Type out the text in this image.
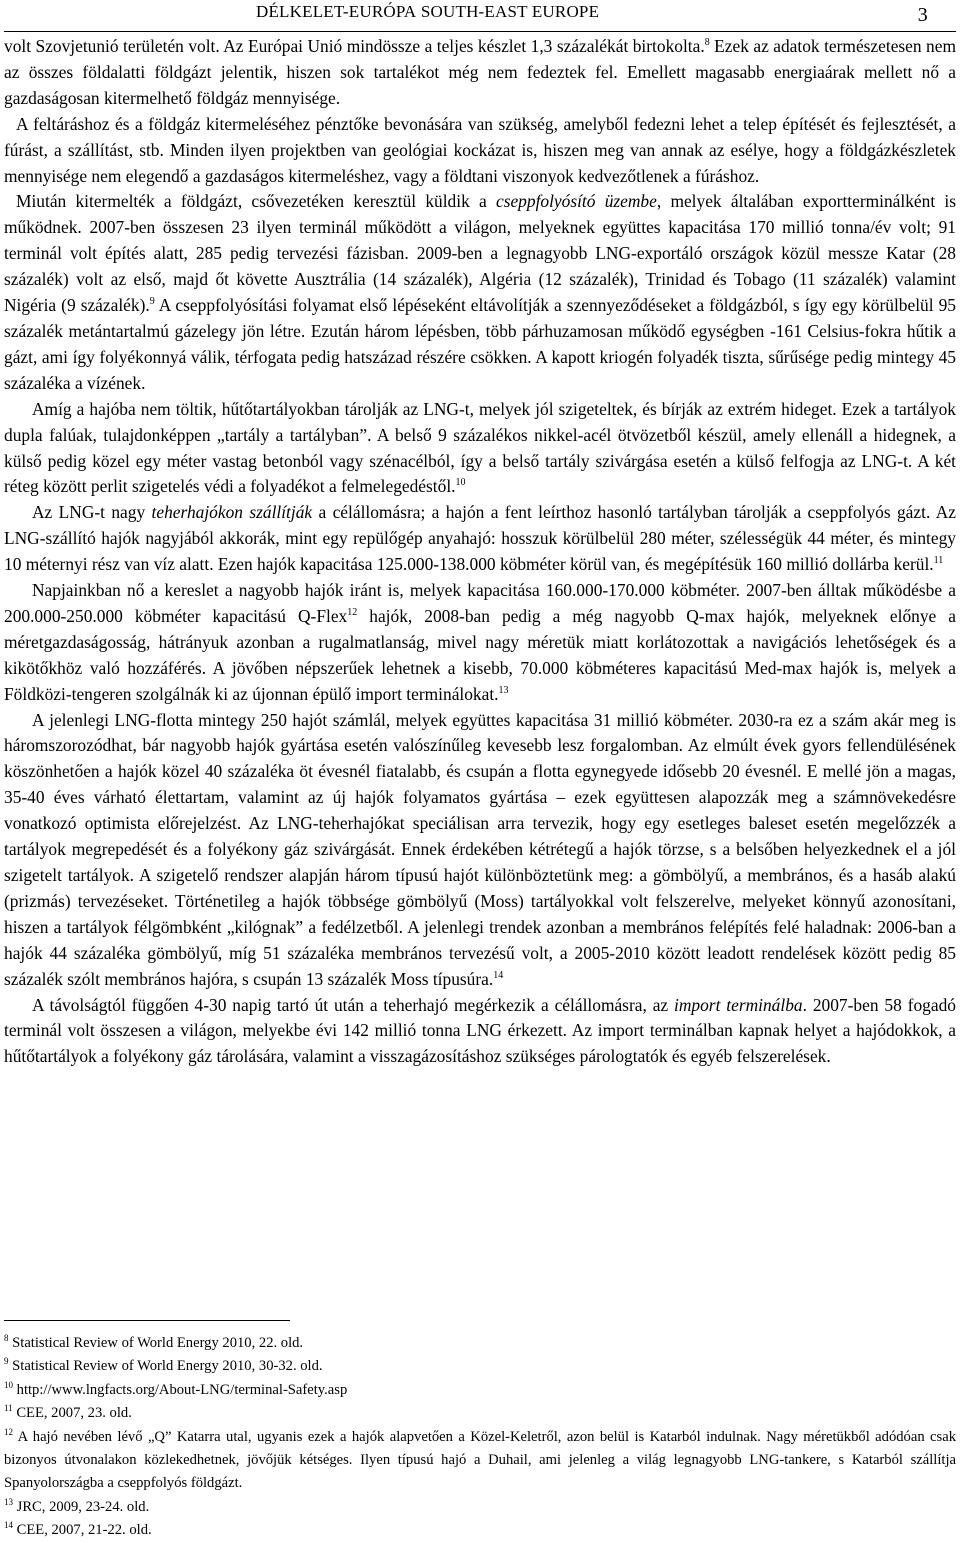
DÉLKELET-EURÓPA SOUTH-EAST EUROPE	3

volt Szovjetunió területén volt. Az Európai Unió mindössze a teljes készlet 1,3 százalékát birtokolta.$^8$ Ezek az adatok természetesen nem az összes földalatti földgázt jelentik, hiszen sok tartalékot még nem fedeztek fel. Emellett magasabb energiaárak mellett nő a gazdaságosan kitermelhető földgáz mennyisége.

A feltáráshoz és a földgáz kitermeléséhez pénztőke bevonására van szükség, amelyből fedezni lehet a telep építését és fejlesztését, a fúrást, a szállítást, stb. Minden ilyen projektben van geológiai kockázat is, hiszen meg van annak az esélye, hogy a földgázkészletek mennyisége nem elegendő a gazdaságos kitermeléshez, vagy a földtani viszonyok kedvezőtlenek a fúráshoz.

Miután kitermelték a földgázt, csővezetéken keresztül küldik a cseppfolyósító üzembe, melyek általában exportterminálként is működnek. 2007-ben összesen 23 ilyen terminál működött a világon, melyeknek együttes kapacitása 170 millió tonna/év volt; 91 terminál volt építés alatt, 285 pedig tervezési fázisban. 2009-ben a legnagyobb LNG-exportáló országok közül messze Katar (28 százalék) volt az első, majd őt követte Ausztrália (14 százalék), Algéria (12 százalék), Trinidad és Tobago (11 százalék) valamint Nigéria (9 százalék).$^9$ A cseppfolyósítási folyamat első lépéseként eltávolítják a szennyeződéseket a földgázból, s így egy körülbelül 95 százalék metántartalmú gázelegy jön létre. Ezután három lépésben, több párhuzamosan működő egységben -161 Celsius-fokra hűtik a gázt, ami így folyékonnyá válik, térfogata pedig hatszázad részére csökken. A kapott kriogén folyadék tiszta, sűrűsége pedig mintegy 45 százaléka a vízének.

Amíg a hajóba nem töltik, hűtőtartályokban tárolják az LNG-t, melyek jól szigeteltek, és bírják az extrém hideget. Ezek a tartályok dupla falúak, tulajdonképpen „tartály a tartályban”. A belső 9 százalékos nikkel-acél ötvözetből készül, amely ellenáll a hidegnek, a külső pedig közel egy méter vastag betonból vagy szénacélból, így a belső tartály szivárgása esetén a külső felfogja az LNG-t. A két réteg között perlit szigetelés védi a folyadékot a felmelegedéstől.$^{10}$

Az LNG-t nagy teherhajókon szállítják a célállomásra; a hajón a fent leírthoz hasonló tartályban tárolják a cseppfolyós gázt. Az LNG-szállító hajók nagyjából akkorák, mint egy repülőgép anyahajó: hosszuk körülbelül 280 méter, szélességük 44 méter, és mintegy 10 méternyi rész van víz alatt. Ezen hajók kapacitása 125.000-138.000 köbméter körül van, és megépítésük 160 millió dollárba kerül.$^{11}$

Napjainkban nő a kereslet a nagyobb hajók iránt is, melyek kapacitása 160.000-170.000 köbméter. 2007-ben álltak működésbe a 200.000-250.000 köbméter kapacitású Q-Flex$^{12}$ hajók, 2008-ban pedig a még nagyobb Q-max hajók, melyeknek előnye a méretgazdaságosság, hátrányuk azonban a rugalmatlanság, mivel nagy méretük miatt korlátozottak a navigációs lehetőségek és a kikötőkhöz való hozzáférés. A jövőben népszerűek lehetnek a kisebb, 70.000 köbméteres kapacitású Med-max hajók is, melyek a Földközi-tengeren szolgálnák ki az újonnan épülő import terminálokat.$^{13}$

A jelenlegi LNG-flotta mintegy 250 hajót számlál, melyek együttes kapacitása 31 millió köbméter. 2030-ra ez a szám akár meg is háromszorozódhat, bár nagyobb hajók gyártása esetén valószínűleg kevesebb lesz forgalomban. Az elmúlt évek gyors fellendülésének köszönhetően a hajók közel 40 százaléka öt évesnél fiatalabb, és csupán a flotta egynegyede idősebb 20 évesnél. E mellé jön a magas, 35-40 éves várható élettartam, valamint az új hajók folyamatos gyártása – ezek együttesen alapozzák meg a számnövekedésre vonatkozó optimista előrejelzést. Az LNG-teherhajókat speciálisan arra tervezik, hogy egy esetleges baleset esetén megelőzzék a tartályok megrepedését és a folyékony gáz szivárgását. Ennek érdekében kétrétegű a hajók törzse, s a belsőben helyezkednek el a jól szigetelt tartályok. A szigetelő rendszer alapján három típusú hajót különböztetünk meg: a gömbölyű, a membrános, és a hasáb alakú (prizmás) tervezéseket. Történetileg a hajók többsége gömbölyű (Moss) tartályokkal volt felszerelve, melyeket könnyű azonosítani, hiszen a tartályok félgömbként „kilógnak” a fedélzetből. A jelenlegi trendek azonban a membrános felépítés felé haladnak: 2006-ban a hajók 44 százaléka gömbölyű, míg 51 százaléka membrános tervezésű volt, a 2005-2010 között leadott rendelések között pedig 85 százalék szólt membrános hajóra, s csupán 13 százalék Moss típusúra.$^{14}$

A távolságtól függően 4-30 napig tartó út után a teherhajó megérkezik a célállomásra, az import terminálba. 2007-ben 58 fogadó terminál volt összesen a világon, melyekbe évi 142 millió tonna LNG érkezett. Az import terminálban kapnak helyet a hajódokkok, a hűtőtartályok a folyékony gáz tárolására, valamint a visszagázosításhoz szükséges párologtatók és egyéb felszerelések.

$^8$ Statistical Review of World Energy 2010, 22. old.

$^9$ Statistical Review of World Energy 2010, 30-32. old.

$^{10}$ http://www.lngfacts.org/About-LNG/terminal-Safety.asp

$^{11}$ CEE, 2007, 23. old.

$^{12}$ A hajó nevében lévő „Q” Katarra utal, ugyanis ezek a hajók alapvetően a Közel-Keletről, azon belül is Katarból indulnak. Nagy méretükből adódóan csak bizonyos útvonalakon közlekedhetnek, jövőjük kétséges. Ilyen típusú hajó a Duhail, ami jelenleg a világ legnagyobb LNG-tankere, s Katarból szállítja Spanyolországba a cseppfolyós földgázt.

$^{13}$ JRC, 2009, 23-24. old.

$^{14}$ CEE, 2007, 21-22. old.
